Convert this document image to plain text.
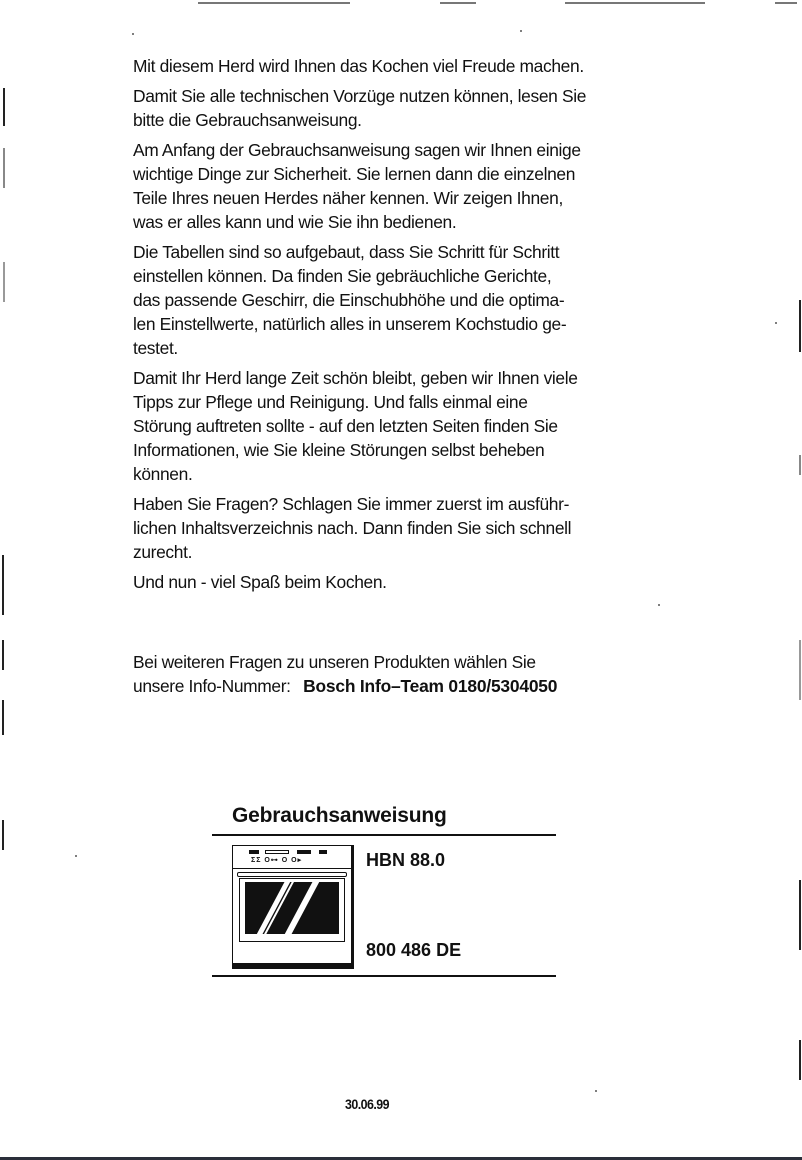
Mit diesem Herd wird Ihnen das Kochen viel Freude machen.

Damit Sie alle technischen Vorzüge nutzen können, lesen Sie
bitte die Gebrauchsanweisung.

Am Anfang der Gebrauchsanweisung sagen wir Ihnen einige
wichtige Dinge zur Sicherheit. Sie lernen dann die einzelnen
Teile Ihres neuen Herdes näher kennen. Wir zeigen Ihnen,
was er alles kann und wie Sie ihn bedienen.

Die Tabellen sind so aufgebaut, dass Sie Schritt für Schritt
einstellen können. Da finden Sie gebräuchliche Gerichte,
das passende Geschirr, die Einschubhöhe und die optima-
len Einstellwerte, natürlich alles in unserem Kochstudio ge-
testet.

Damit Ihr Herd lange Zeit schön bleibt, geben wir Ihnen viele
Tipps zur Pflege und Reinigung. Und falls einmal eine
Störung auftreten sollte - auf den letzten Seiten finden Sie
Informationen, wie Sie kleine Störungen selbst beheben
können.

Haben Sie Fragen? Schlagen Sie immer zuerst im ausführ-
lichen Inhaltsverzeichnis nach. Dann finden Sie sich schnell
zurecht.

Und nun - viel Spaß beim Kochen.

Bei weiteren Fragen zu unseren Produkten wählen Sie
unsere Info-Nummer: Bosch Info–Team 0180/5304050
Gebrauchsanweisung
ΣΣ O⊶ O O▸	HBN 88.0
800 486 DE
30.06.99
